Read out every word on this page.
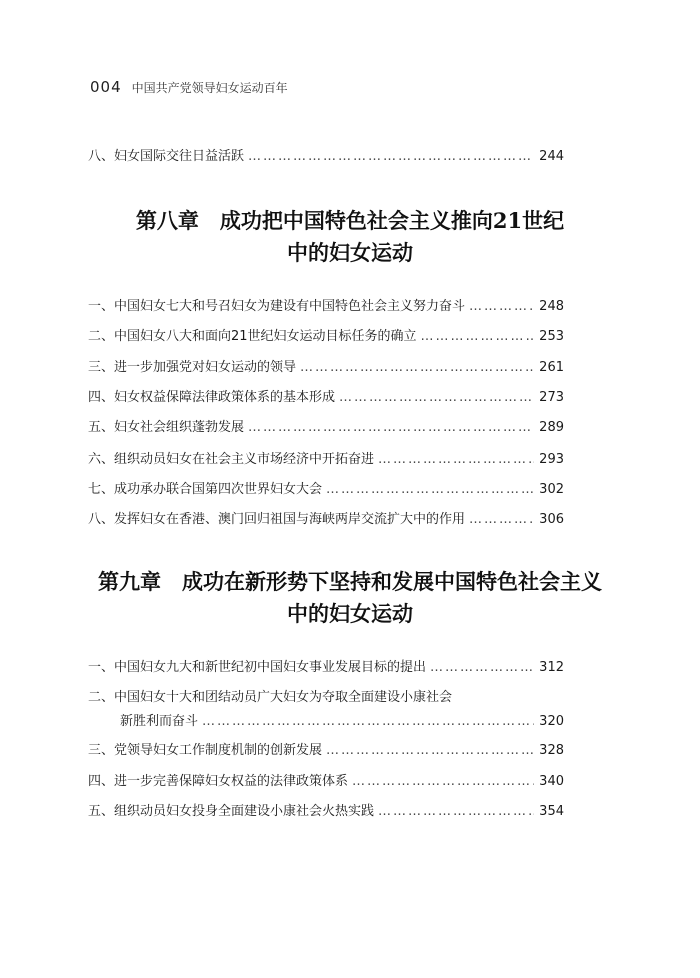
004 中国共产党领导妇女运动百年
八、妇女国际交往日益活跃 …………………………………………………………………………………………………………………………………………	244
第八章　成功把中国特色社会主义推向21世纪
中的妇女运动
一、中国妇女七大和号召妇女为建设有中国特色社会主义努力奋斗 …………………………………………………………………………………………………………………………………………	248
二、中国妇女八大和面向21世纪妇女运动目标任务的确立 …………………………………………………………………………………………………………………………………………	253
三、进一步加强党对妇女运动的领导 …………………………………………………………………………………………………………………………………………	261
四、妇女权益保障法律政策体系的基本形成 …………………………………………………………………………………………………………………………………………	273
五、妇女社会组织蓬勃发展 …………………………………………………………………………………………………………………………………………	289
六、组织动员妇女在社会主义市场经济中开拓奋进 …………………………………………………………………………………………………………………………………………	293
七、成功承办联合国第四次世界妇女大会 …………………………………………………………………………………………………………………………………………	302
八、发挥妇女在香港、澳门回归祖国与海峡两岸交流扩大中的作用 …………………………………………………………………………………………………………………………………………	306
第九章　成功在新形势下坚持和发展中国特色社会主义
中的妇女运动
一、中国妇女九大和新世纪初中国妇女事业发展目标的提出 …………………………………………………………………………………………………………………………………………	312
二、中国妇女十大和团结动员广大妇女为夺取全面建设小康社会
新胜利而奋斗 …………………………………………………………………………………………………………………………………………	320
三、党领导妇女工作制度机制的创新发展 …………………………………………………………………………………………………………………………………………	328
四、进一步完善保障妇女权益的法律政策体系 …………………………………………………………………………………………………………………………………………	340
五、组织动员妇女投身全面建设小康社会火热实践 …………………………………………………………………………………………………………………………………………	354
